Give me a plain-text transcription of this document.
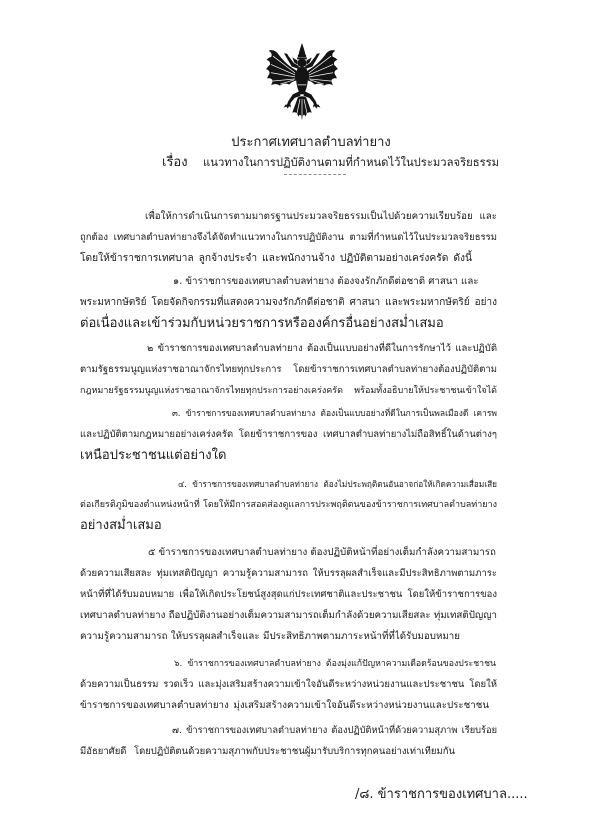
ประกาศเทศบาลตำบลท่ายาง
เรื่อง	แนวทางในการปฏิบัติงานตามที่กำหนดไว้ในประมวลจริยธรรม
เพื่อให้การดำเนินการตามมาตรฐานประมวลจริยธรรมเป็นไปด้วยความเรียบร้อย และ
ถูกต้อง เทศบาลตำบลท่ายางจึงได้จัดทำแนวทางในการปฏิบัติงาน ตามที่กำหนดไว้ในประมวลจริยธรรม
โดยให้ข้าราชการเทศบาล ลูกจ้างประจำ และพนักงานจ้าง ปฏิบัติตามอย่างเคร่งครัด ดังนี้
๑. ข้าราชการของเทศบาลตำบลท่ายาง ต้องจงรักภักดีต่อชาติ ศาสนา และ
พระมหากษัตริย์ โดยจัดกิจกรรมที่แสดงความจงรักภักดีต่อชาติ ศาสนา และพระมหากษัตริย์ อย่าง
ต่อเนื่องและเข้าร่วมกับหน่วยราชการหรือองค์กรอื่นอย่างสม่ำเสมอ
๒ ข้าราชการของเทศบาลตำบลท่ายาง ต้องเป็นแบบอย่างที่ดีในการรักษาไว้ และปฏิบัติ
ตามรัฐธรรมนูญแห่งราชอาณาจักรไทยทุกประการ โดยข้าราชการเทศบาลตำบลท่ายางต้องปฏิบัติตาม
กฎหมายรัฐธรรมนูญแห่งราชอาณาจักรไทยทุกประการอย่างเคร่งครัด พร้อมทั้งอธิบายให้ประชาชนเข้าใจได้
๓. ข้าราชการของเทศบาลตำบลท่ายาง ต้องเป็นแบบอย่างที่ดีในการเป็นพลเมืองดี เคารพ
และปฏิบัติตามกฎหมายอย่างเคร่งครัด โดยข้าราชการของ เทศบาลตำบลท่ายางไม่ถือสิทธิ์ในด้านต่างๆ
เหนือประชาชนแต่อย่างใด
๔. ข้าราชการของเทศบาลตำบลท่ายาง ต้องไม่ประพฤติตนอันอาจก่อให้เกิดความเสื่อมเสีย
ต่อเกียรติภูมิของตำแหน่งหน้าที่ โดยให้มีการสอดส่องดูแลการประพฤติตนของข้าราชการเทศบาลตำบลท่ายาง
อย่างสม่ำเสมอ
๕ ข้าราชการของเทศบาลตำบลท่ายาง ต้องปฏิบัติหน้าที่อย่างเต็มกำลังความสามารถ
ด้วยความเสียสละ ทุ่มเทสติปัญญา ความรู้ความสามารถ ให้บรรลุผลสำเร็จและมีประสิทธิภาพตามภาระ
หน้าที่ที่ได้รับมอบหมาย เพื่อให้เกิดประโยชน์สูงสุดแก่ประเทศชาติและประชาชน โดยให้ข้าราชการของ
เทศบาลตำบลท่ายาง ถือปฏิบัติงานอย่างเต็มความสามารถเต็มกำลังด้วยความเสียสละ ทุ่มเทสติปัญญา
ความรู้ความสามารถ ให้บรรลุผลสำเร็จและ มีประสิทธิภาพตามภาระหน้าที่ที่ได้รับมอบหมาย
๖. ข้าราชการของเทศบาลตำบลท่ายาง ต้องมุ่งแก้ปัญหาความเดือดร้อนของประชาชน
ด้วยความเป็นธรรม รวดเร็ว และมุ่งเสริมสร้างความเข้าใจอันดีระหว่างหน่วยงานและประชาชน โดยให้
ข้าราชการของเทศบาลตำบลท่ายาง มุ่งเสริมสร้างความเข้าใจอันดีระหว่างหน่วยงานและประชาชน
๗. ข้าราชการของเทศบาลตำบลท่ายาง ต้องปฏิบัติหน้าที่ด้วยความสุภาพ เรียบร้อย
มีอัธยาศัยดี โดยปฏิบัติตนด้วยความสุภาพกับประชาชนผู้มารับบริการทุกคนอย่างเท่าเทียมกัน
/๘. ข้าราชการของเทศบาล.....
